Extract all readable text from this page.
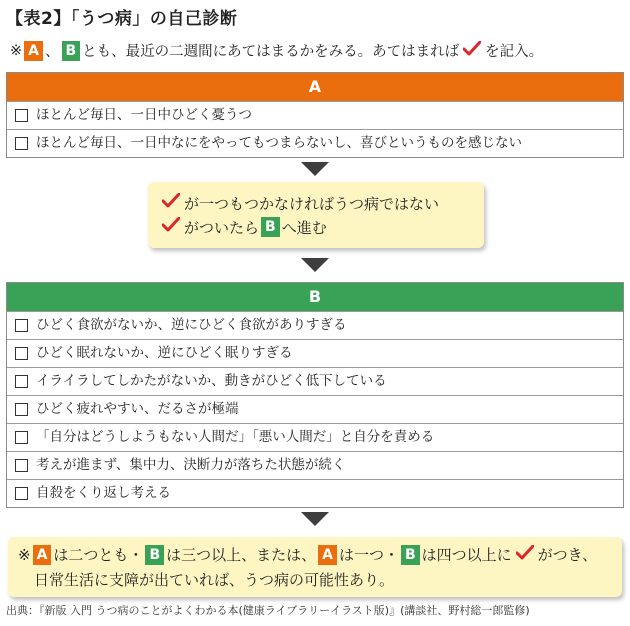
【表2】「うつ病」の自己診断
※ A 、 B とも、最近の二週間にあてはまるかをみる。あてはまれば を記入。
A
ほとんど毎日、一日中ひどく憂うつ
ほとんど毎日、一日中なにをやってもつまらないし、喜びというものを感じない
が一つもつかなければうつ病ではない
がついたら B へ進む
B
ひどく食欲がないか、逆にひどく食欲がありすぎる
ひどく眠れないか、逆にひどく眠りすぎる
イライラしてしかたがないか、動きがひどく低下している
ひどく疲れやすい、だるさが極端
「自分はどうしようもない人間だ」「悪い人間だ」と自分を責める
考えが進まず、集中力、決断力が落ちた状態が続く
自殺をくり返し考える
※ A は二つとも・ B は三つ以上、または、 A は一つ・ B は四つ以上に がつき、
日常生活に支障が出ていれば、うつ病の可能性あり。
出典：『新版 入門 うつ病のことがよくわかる本(健康ライブラリーイラスト版)』(講談社、野村総一郎監修)
